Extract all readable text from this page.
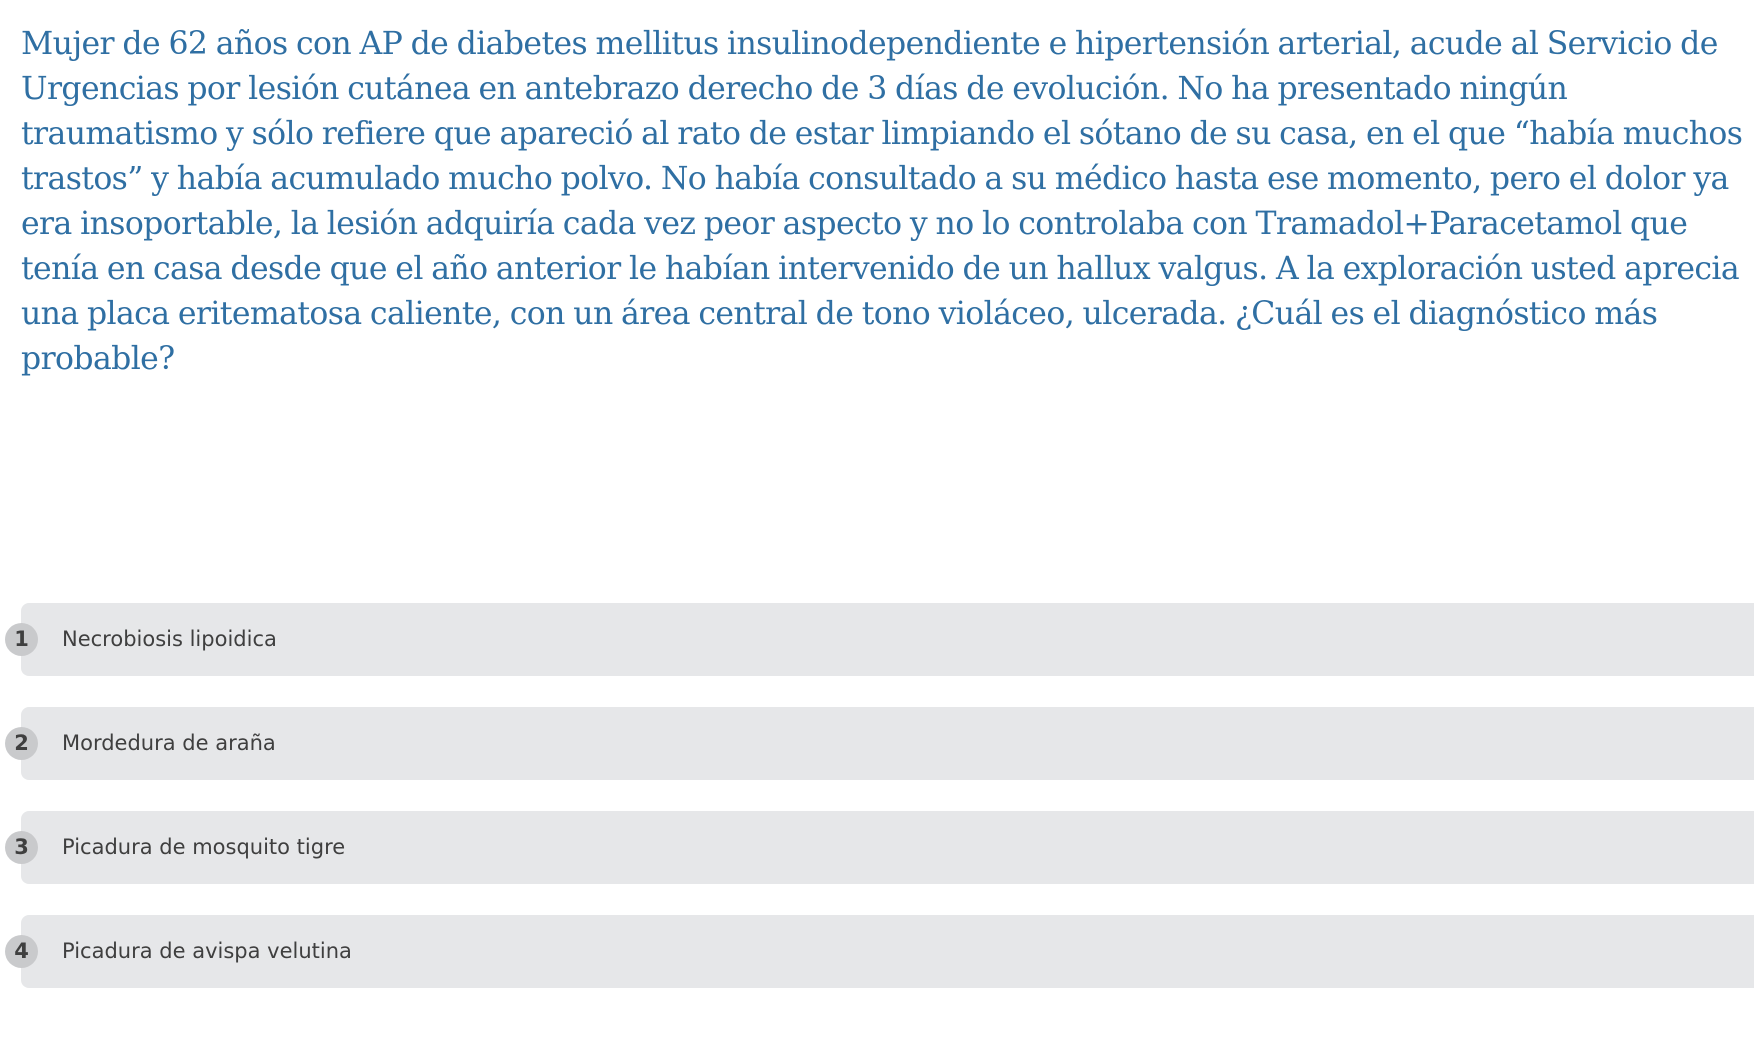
Mujer de 62 años con AP de diabetes mellitus insulinodependiente e hipertensión arterial, acude al Servicio de Urgencias por lesión cutánea en antebrazo derecho de 3 días de evolución. No ha presentado ningún traumatismo y sólo refiere que apareció al rato de estar limpiando el sótano de su casa, en el que “había muchos trastos” y había acumulado mucho polvo. No había consultado a su médico hasta ese momento, pero el dolor ya era insoportable, la lesión adquiría cada vez peor aspecto y no lo controlaba con Tramadol+Paracetamol que tenía en casa desde que el año anterior le habían intervenido de un hallux valgus. A la exploración usted aprecia una placa eritematosa caliente, con un área central de tono violáceo, ulcerada. ¿Cuál es el diagnóstico más probable?

1	Necrobiosis lipoidica
2	Mordedura de araña
3	Picadura de mosquito tigre
4	Picadura de avispa velutina
